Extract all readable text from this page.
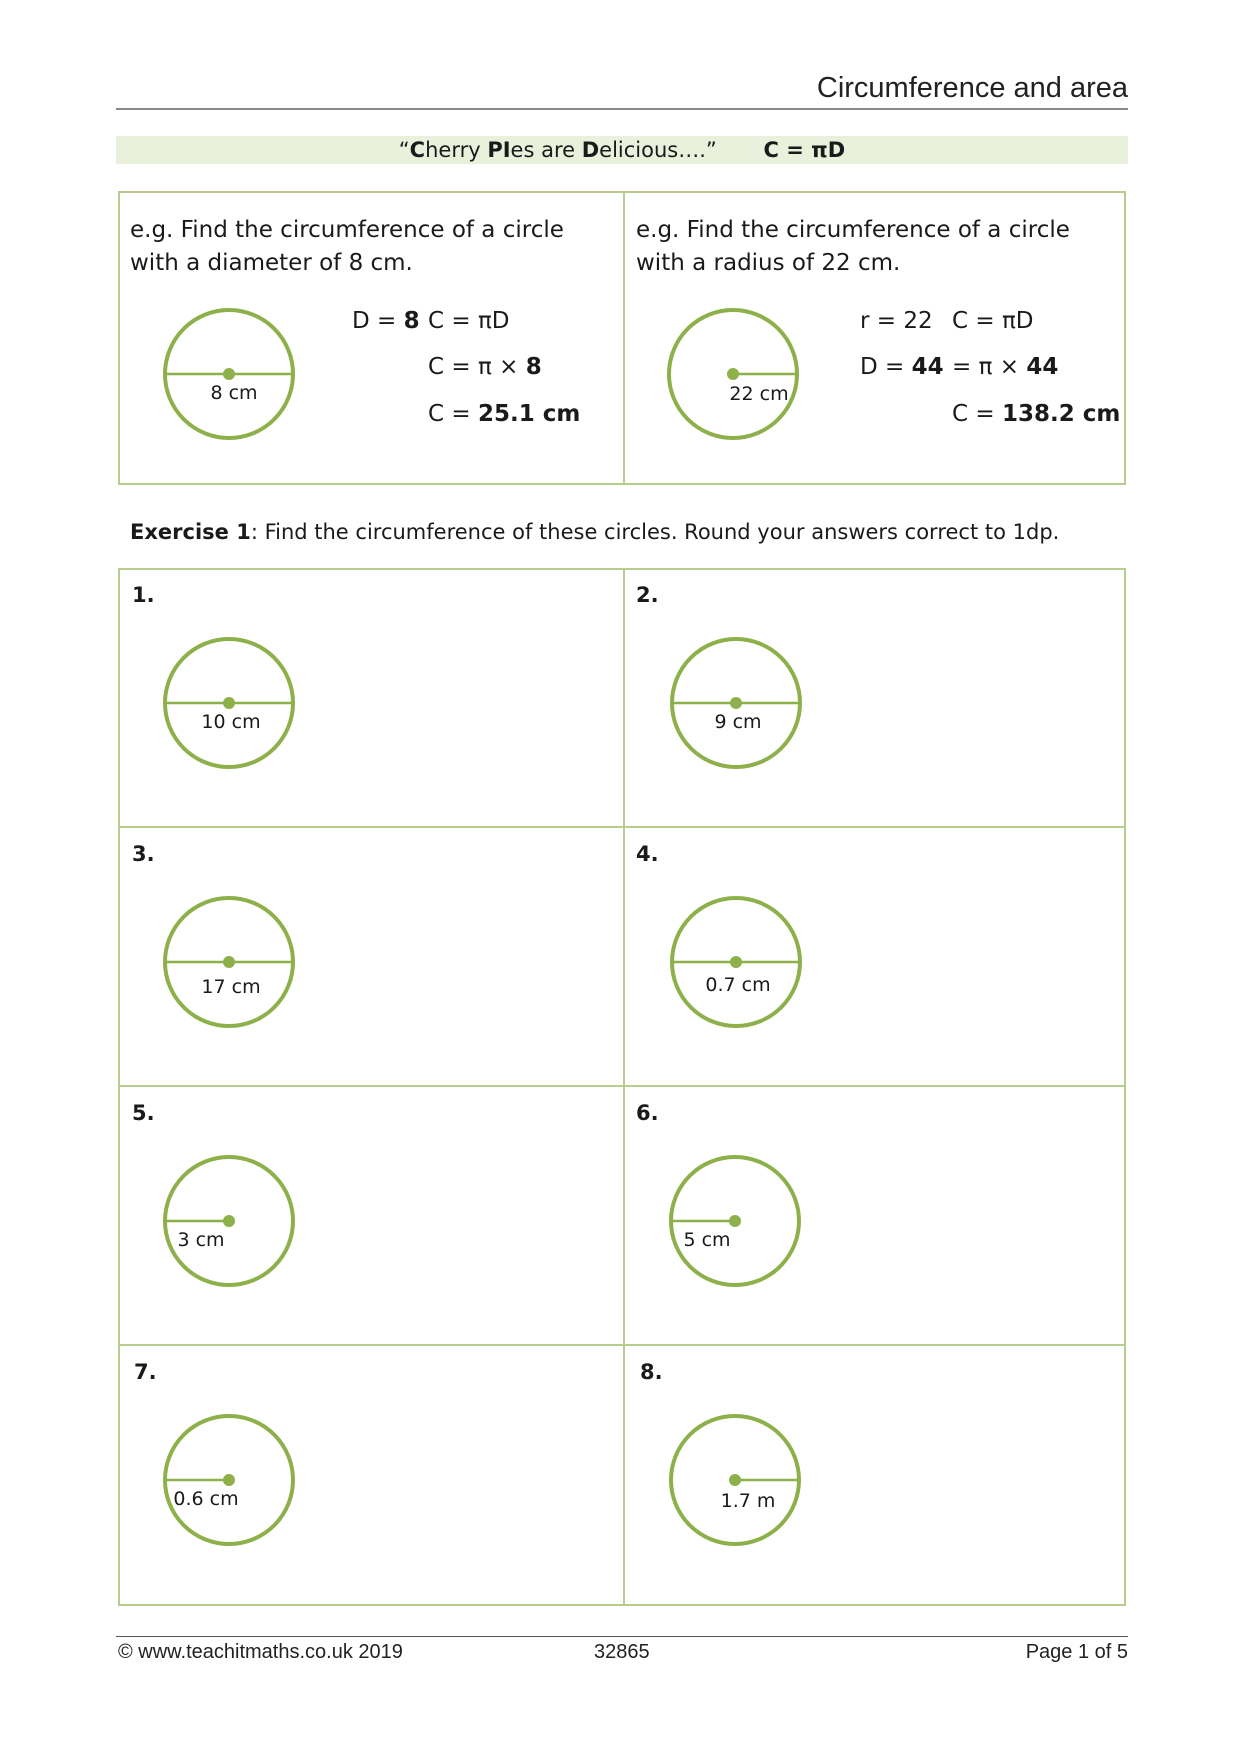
Circumference and area
“Cherry PIes are Delicious….” C = πD
e.g. Find the circumference of a circle with a diameter of 8 cm.
8 cm
D = 8 C = πD
C = π × 8
C = 25.1 cm
e.g. Find the circumference of a circle with a radius of 22 cm.
22 cm
r = 22 C = πD
D = 44 = π × 44
C = 138.2 cm
Exercise 1: Find the circumference of these circles. Round your answers correct to 1dp.
1.
10 cm
2.
9 cm
3.
17 cm
4.
0.7 cm
5.
3 cm
6.
5 cm
7.
0.6 cm
8.
1.7 m
© www.teachitmaths.co.uk 2019	32865	Page 1 of 5
